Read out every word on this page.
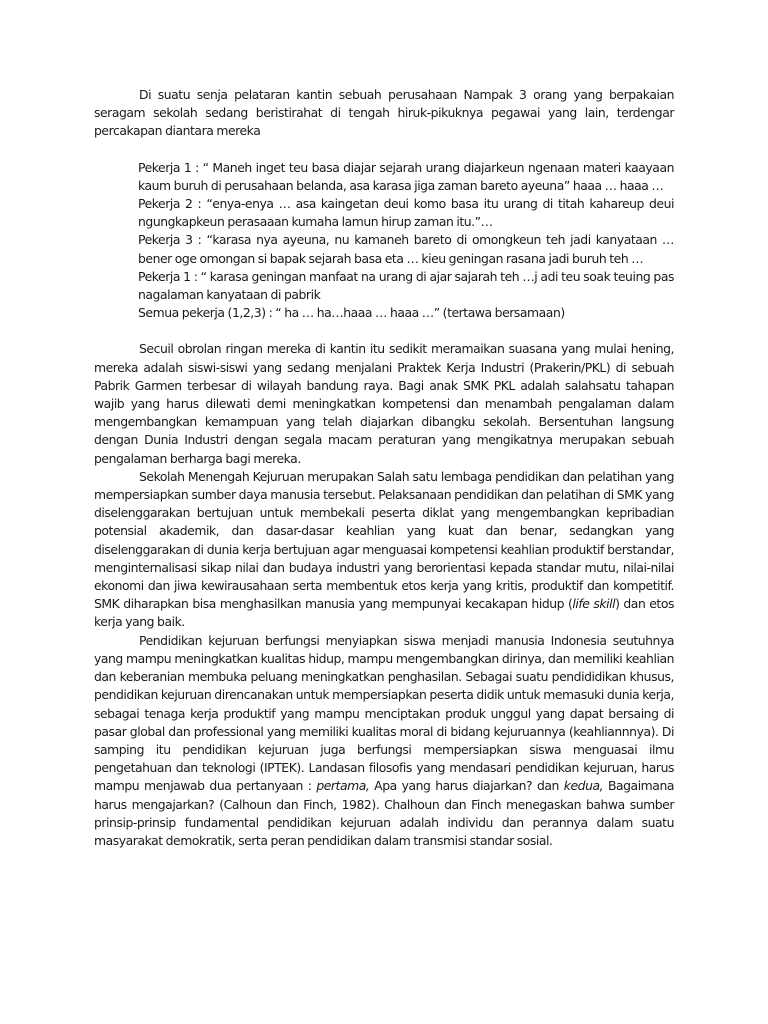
Di suatu senja pelataran kantin sebuah perusahaan Nampak 3 orang yang berpakaian seragam sekolah sedang beristirahat di tengah hiruk-pikuknya pegawai yang lain, terdengar percakapan diantara mereka

Pekerja 1 : “ Maneh inget teu basa diajar sejarah urang diajarkeun ngenaan materi kaayaan kaum buruh di perusahaan belanda, asa karasa jiga zaman bareto ayeuna” haaa … haaa …

Pekerja 2 : “enya-enya … asa kaingetan deui komo basa itu urang di titah kahareup deui ngungkapkeun perasaaan kumaha lamun hirup zaman itu.”…

Pekerja 3 : “karasa nya ayeuna, nu kamaneh bareto di omongkeun teh jadi kanyataan … bener oge omongan si bapak sejarah basa eta … kieu geningan rasana jadi buruh teh …

Pekerja 1 : “ karasa geningan manfaat na urang di ajar sajarah teh …j adi teu soak teuing pas nagalaman kanyataan di pabrik

Semua pekerja (1,2,3) : “ ha … ha…haaa … haaa …” (tertawa bersamaan)

Secuil obrolan ringan mereka di kantin itu sedikit meramaikan suasana yang mulai hening, mereka adalah siswi-siswi yang sedang menjalani Praktek Kerja Industri (Prakerin/PKL) di sebuah Pabrik Garmen terbesar di wilayah bandung raya. Bagi anak SMK PKL adalah salahsatu tahapan wajib yang harus dilewati demi meningkatkan kompetensi dan menambah pengalaman dalam mengembangkan kemampuan yang telah diajarkan dibangku sekolah. Bersentuhan langsung dengan Dunia Industri dengan segala macam peraturan yang mengikatnya merupakan sebuah pengalaman berharga bagi mereka.

Sekolah Menengah Kejuruan merupakan Salah satu lembaga pendidikan dan pelatihan yang mempersiapkan sumber daya manusia tersebut. Pelaksanaan pendidikan dan pelatihan di SMK yang diselenggarakan bertujuan untuk membekali peserta diklat yang mengembangkan kepribadian potensial akademik, dan dasar-dasar keahlian yang kuat dan benar, sedangkan yang diselenggarakan di dunia kerja bertujuan agar menguasai kompetensi keahlian produktif berstandar, menginternalisasi sikap nilai dan budaya industri yang berorientasi kepada standar mutu, nilai-nilai ekonomi dan jiwa kewirausahaan serta membentuk etos kerja yang kritis, produktif dan kompetitif. SMK diharapkan bisa menghasilkan manusia yang mempunyai kecakapan hidup (life skill) dan etos kerja yang baik.

Pendidikan kejuruan berfungsi menyiapkan siswa menjadi manusia Indonesia seutuhnya yang mampu meningkatkan kualitas hidup, mampu mengembangkan dirinya, dan memiliki keahlian dan keberanian membuka peluang meningkatkan penghasilan. Sebagai suatu pendididikan khusus, pendidikan kejuruan direncanakan untuk mempersiapkan peserta didik untuk memasuki dunia kerja, sebagai tenaga kerja produktif yang mampu menciptakan produk unggul yang dapat bersaing di pasar global dan professional yang memiliki kualitas moral di bidang kejuruannya (keahliannnya). Di samping itu pendidikan kejuruan juga berfungsi mempersiapkan siswa menguasai ilmu pengetahuan dan teknologi (IPTEK). Landasan filosofis yang mendasari pendidikan kejuruan, harus mampu menjawab dua pertanyaan : pertama, Apa yang harus diajarkan? dan kedua, Bagaimana harus mengajarkan? (Calhoun dan Finch, 1982). Chalhoun dan Finch menegaskan bahwa sumber prinsip-prinsip fundamental pendidikan kejuruan adalah individu dan perannya dalam suatu masyarakat demokratik, serta peran pendidikan dalam transmisi standar sosial.
